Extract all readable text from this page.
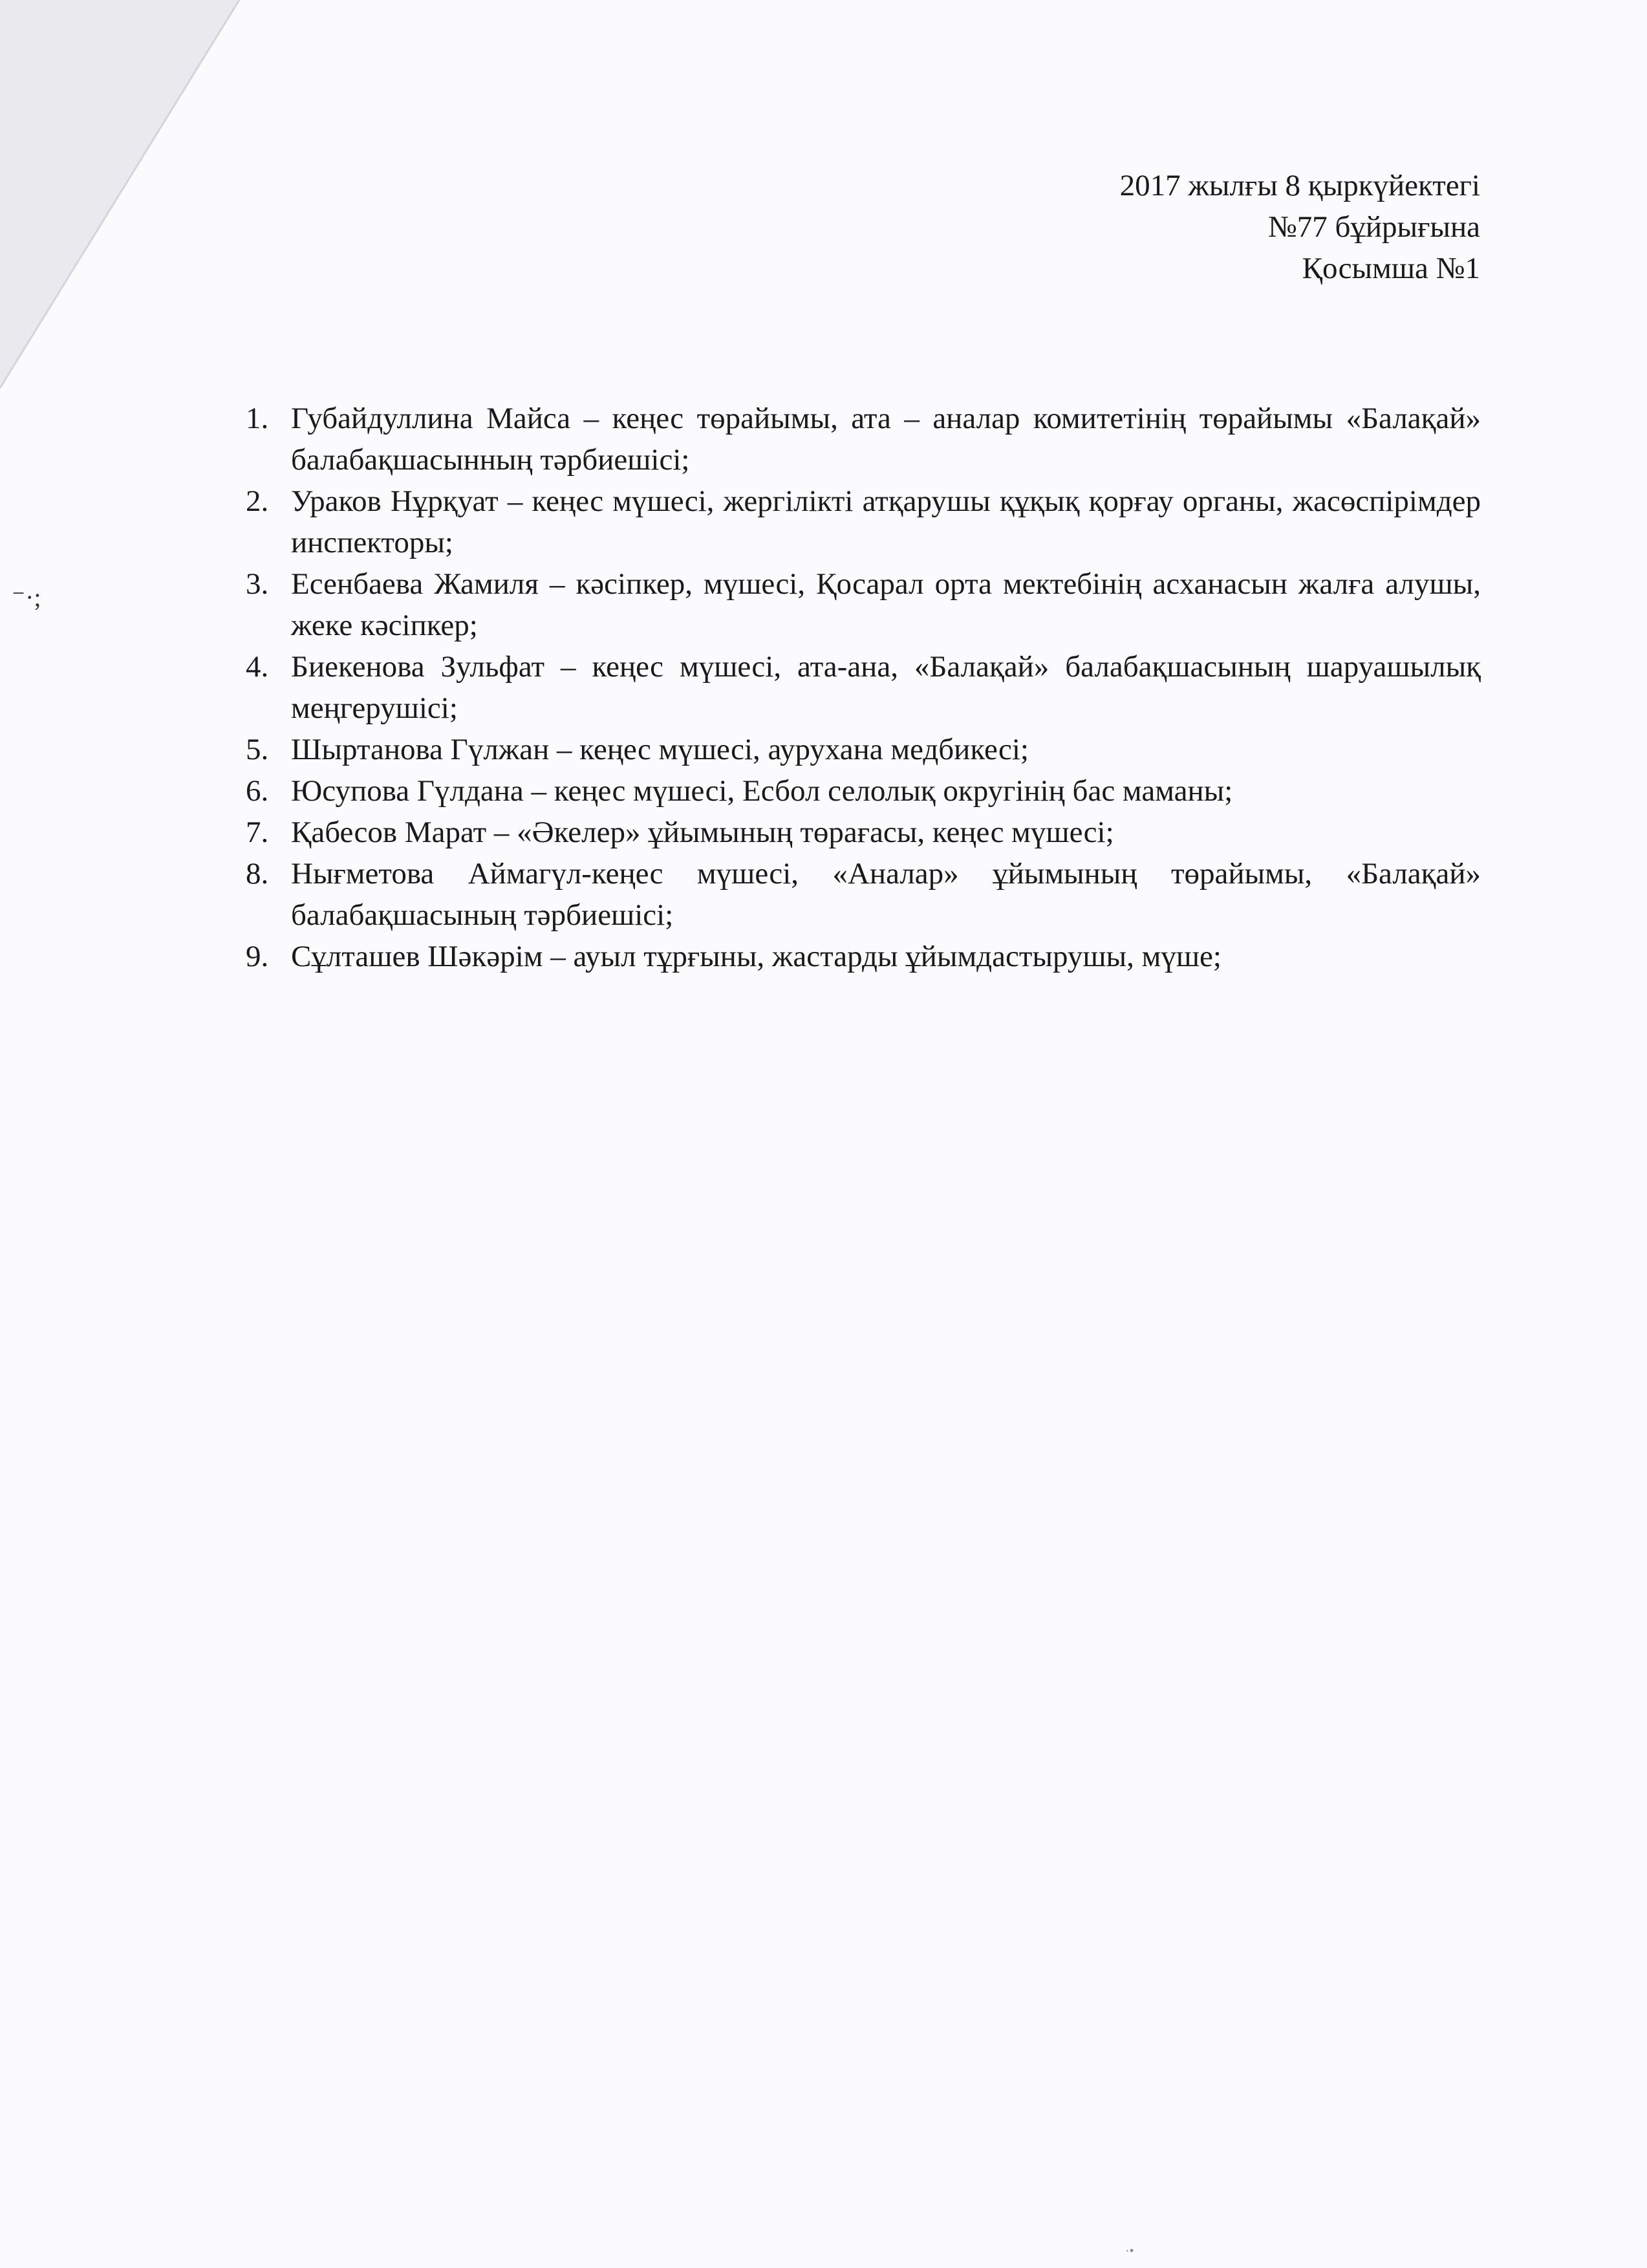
⁻·;
2017 жылғы 8 қыркүйектегі
№77 бұйрығына
Қосымша №1
1. Губайдуллина Майса – кеңес төрайымы, ата – аналар комитетінің төрайымы «Балақай» балабақшасынның тәрбиешісі;
2. Ураков Нұрқуат – кеңес мүшесі, жергілікті атқарушы құқық қорғау органы, жасөспірімдер инспекторы;
3. Есенбаева Жамиля – кәсіпкер, мүшесі, Қосарал орта мектебінің асханасын жалға алушы, жеке кәсіпкер;
4. Биекенова Зульфат – кеңес мүшесі, ата-ана, «Балақай» балабақшасының шаруашылық меңгерушісі;
5. Шыртанова Гүлжан – кеңес мүшесі, аурухана медбикесі;
6. Юсупова Гүлдана – кеңес мүшесі, Есбол селолық округінің бас маманы;
7. Қабесов Марат – «Әкелер» ұйымының төрағасы, кеңес мүшесі;
8. Нығметова Аймагүл-кеңес мүшесі, «Аналар» ұйымының төрайымы, «Балақай» балабақшасының тәрбиешісі;
9. Сұлташев Шәкәрім – ауыл тұрғыны, жастарды ұйымдастырушы, мүше;
·•
